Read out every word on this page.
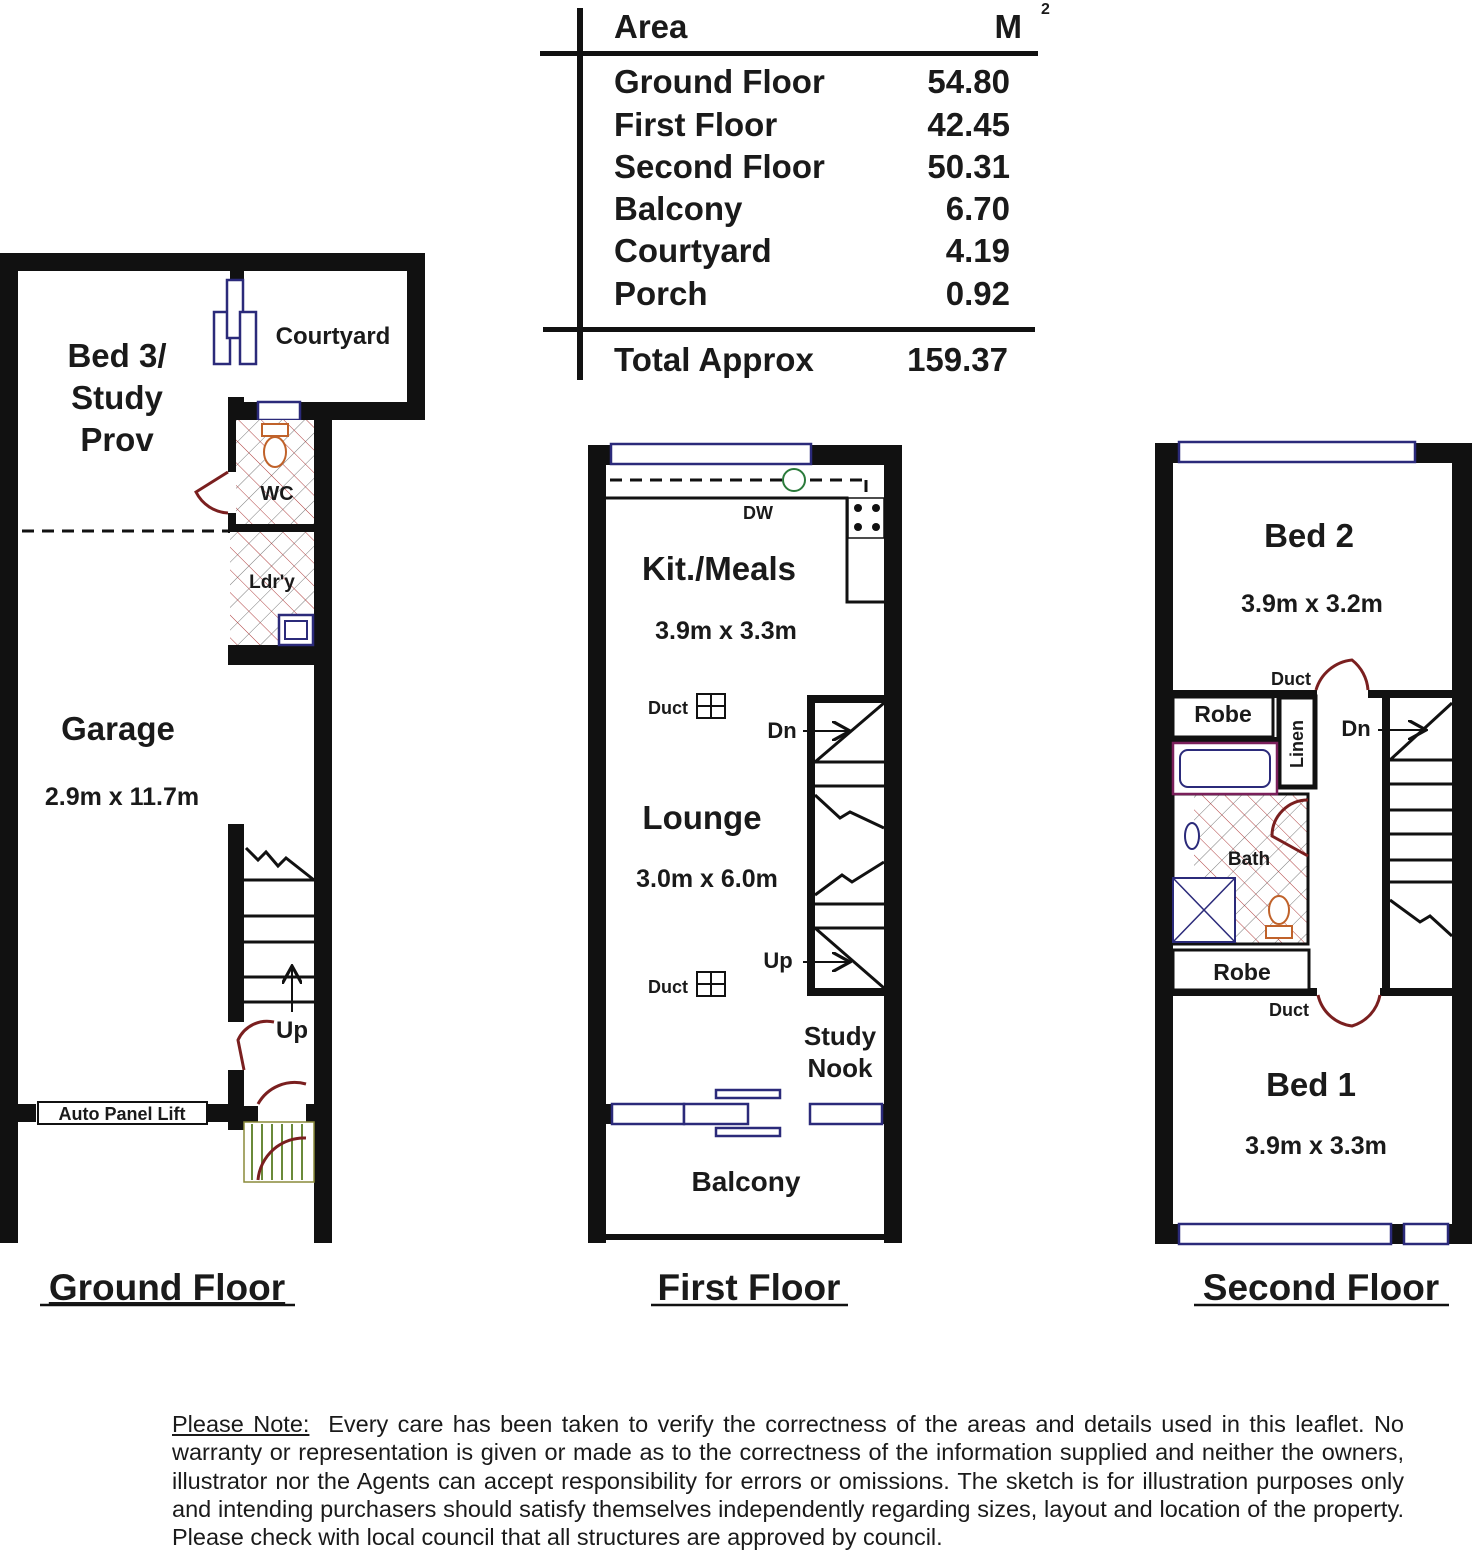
Area	M 2
Ground Floor	54.80
First Floor	42.45
Second Floor	50.31
Balcony	6.70
Courtyard	4.19
Porch	0.92
Total Approx	159.37
Bed 3/
Study
Prov
Courtyard
WC
Ldr'y
Garage
2.9m x 11.7m
Up
Auto Panel Lift
DW
Kit./Meals
3.9m x 3.3m
Duct
Dn
Lounge
3.0m x 6.0m
Up
Duct
Study
Nook
Balcony
Bed 2
3.9m x 3.2m
Duct
Robe
Linen Dn
Bath
Robe
Duct
Bed 1
3.9m x 3.3m
Ground Floor	First Floor	Second Floor
Please Note: Every care has been taken to verify the correctness of the areas and details used in this leaflet. No warranty or representation is given or made as to the correctness of the information supplied and neither the owners, illustrator nor the Agents can accept responsibility for errors or omissions. The sketch is for illustration purposes only and intending purchasers should satisfy themselves independently regarding sizes, layout and location of the property. Please check with local council that all structures are approved by council.
